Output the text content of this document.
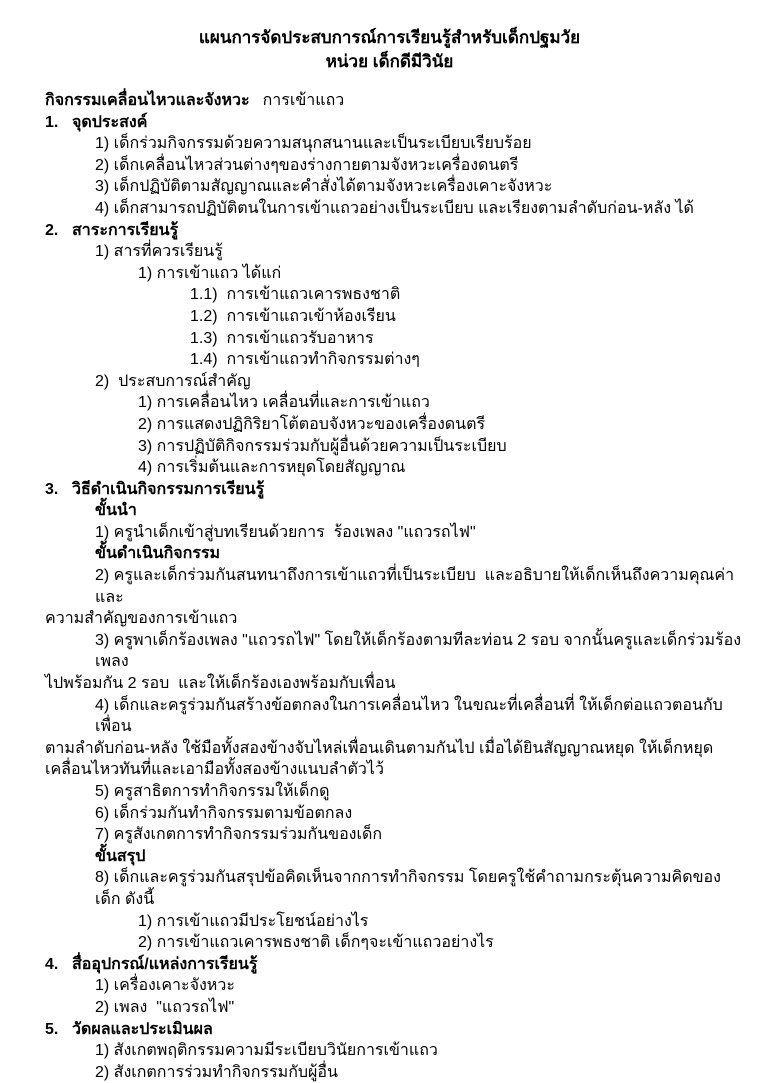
แผนการจัดประสบการณ์การเรียนรู้สำหรับเด็กปฐมวัย
หน่วย เด็กดีมีวินัย
กิจกรรมเคลื่อนไหวและจังหวะ การเข้าแถว
1. จุดประสงค์
1) เด็กร่วมกิจกรรมด้วยความสนุกสนานและเป็นระเบียบเรียบร้อย
2) เด็กเคลื่อนไหวส่วนต่างๆของร่างกายตามจังหวะเครื่องดนตรี
3) เด็กปฏิบัติตามสัญญาณและคำสั่งได้ตามจังหวะเครื่องเคาะจังหวะ
4) เด็กสามารถปฏิบัติตนในการเข้าแถวอย่างเป็นระเบียบ และเรียงตามลำดับก่อน-หลัง ได้
2. สาระการเรียนรู้
1) สารที่ควรเรียนรู้
1) การเข้าแถว ได้แก่
1.1)  การเข้าแถวเคารพธงชาติ
1.2)  การเข้าแถวเข้าห้องเรียน
1.3)  การเข้าแถวรับอาหาร
1.4)  การเข้าแถวทำกิจกรรมต่างๆ
2)  ประสบการณ์สำคัญ
1) การเคลื่อนไหว เคลื่อนที่และการเข้าแถว
2) การแสดงปฏิกิริยาโต้ตอบจังหวะของเครื่องดนตรี
3) การปฏิบัติกิจกรรมร่วมกับผู้อื่นด้วยความเป็นระเบียบ
4) การเริ่มต้นและการหยุดโดยสัญญาณ
3. วิธีดำเนินกิจกรรมการเรียนรู้
ขั้นนำ
1) ครูนำเด็กเข้าสู่บทเรียนด้วยการ  ร้องเพลง "แถวรถไฟ"
ขั้นดำเนินกิจกรรม
2) ครูและเด็กร่วมกันสนทนาถึงการเข้าแถวที่เป็นระเบียบ  และอธิบายให้เด็กเห็นถึงความคุณค่าและ
ความสำคัญของการเข้าแถว
3) ครูพาเด็กร้องเพลง "แถวรถไฟ" โดยให้เด็กร้องตามทีละท่อน 2 รอบ จากนั้นครูและเด็กร่วมร้องเพลง
ไปพร้อมกัน 2 รอบ  และให้เด็กร้องเองพร้อมกับเพื่อน
4) เด็กและครูร่วมกันสร้างข้อตกลงในการเคลื่อนไหว ในขณะที่เคลื่อนที่ ให้เด็กต่อแถวตอนกับเพื่อน
ตามลำดับก่อน-หลัง ใช้มือทั้งสองข้างจับไหล่เพื่อนเดินตามกันไป เมื่อได้ยินสัญญาณหยุด ให้เด็กหยุด
เคลื่อนไหวทันที่และเอามือทั้งสองข้างแนบลำตัวไว้
5) ครูสาธิตการทำกิจกรรมให้เด็กดู
6) เด็กร่วมกันทำกิจกรรมตามข้อตกลง
7) ครูสังเกตการทำกิจกรรมร่วมกันของเด็ก
ขั้นสรุป
8) เด็กและครูร่วมกันสรุปข้อคิดเห็นจากการทำกิจกรรม โดยครูใช้คำถามกระตุ้นความคิดของเด็ก ดังนี้
1) การเข้าแถวมีประโยชน์อย่างไร
2) การเข้าแถวเคารพธงชาติ เด็กๆจะเข้าแถวอย่างไร
4. สื่ออุปกรณ์/แหล่งการเรียนรู้
1) เครื่องเคาะจังหวะ
2) เพลง  "แถวรถไฟ"
5. วัดผลและประเมินผล
1) สังเกตพฤติกรรมความมีระเบียบวินัยการเข้าแถว
2) สังเกตการร่วมทำกิจกรรมกับผู้อื่น
